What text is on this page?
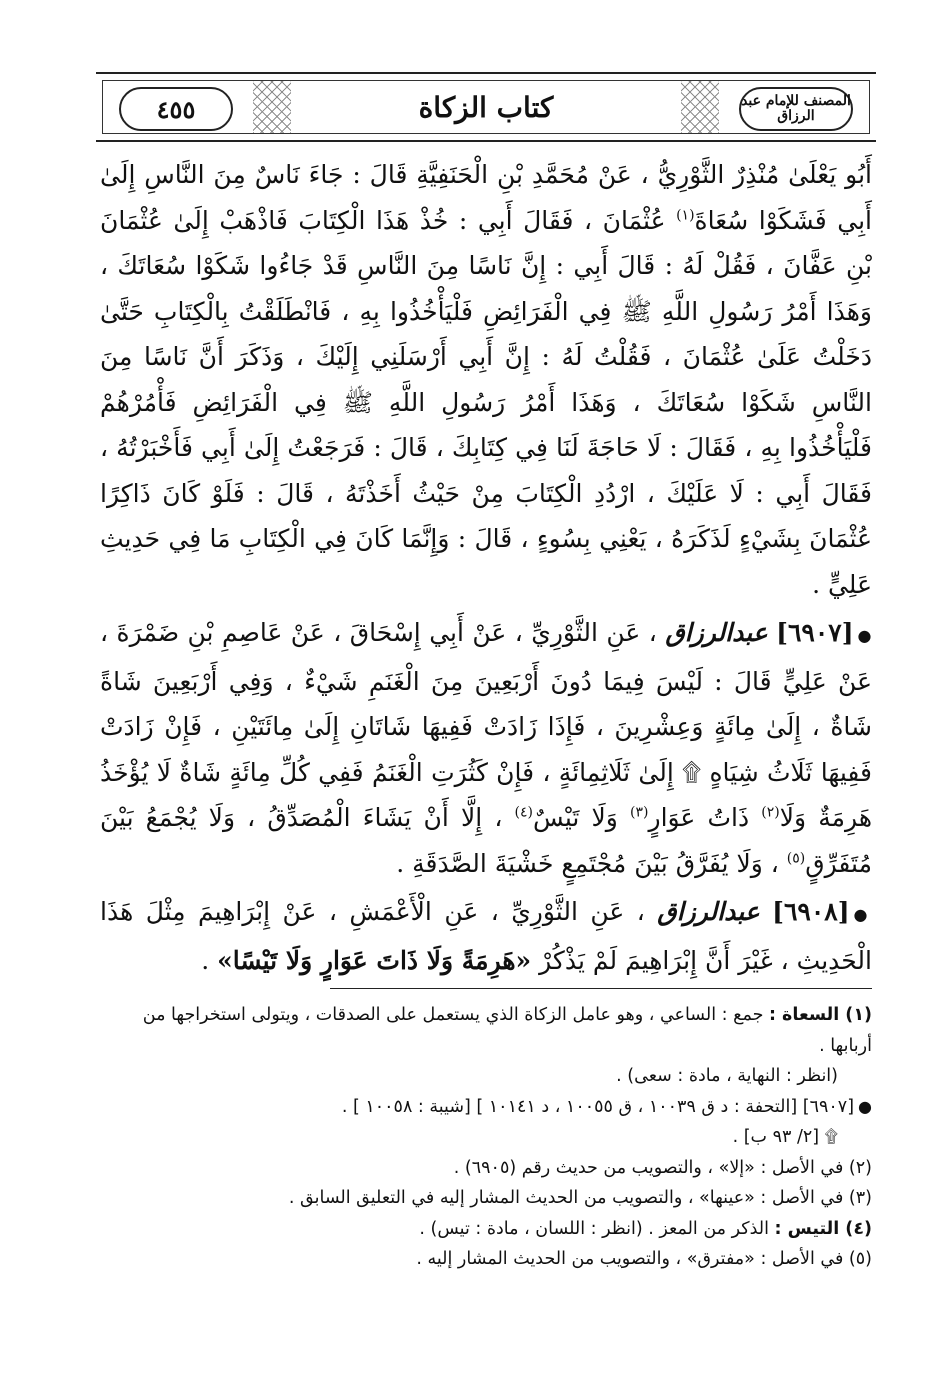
٤٥٥	كتاب الزكاة	المصنف للإمام عبد الرزاق

أَبُو يَعْلَىٰ مُنْذِرٌ الثَّوْرِيُّ ، عَنْ مُحَمَّدِ بْنِ الْحَنَفِيَّةِ قَالَ : جَاءَ نَاسٌ مِنَ النَّاسِ إِلَىٰ أَبِي فَشَكَوْا سُعَاةَ$^{(١)}$ عُثْمَانَ ، فَقَالَ أَبِي : خُذْ هَذَا الْكِتَابَ فَاذْهَبْ إِلَىٰ عُثْمَانَ بْنِ عَفَّانَ ، فَقُلْ لَهُ : قَالَ أَبِي : إِنَّ نَاسًا مِنَ النَّاسِ قَدْ جَاءُوا شَكَوْا سُعَاتَكَ ، وَهَذَا أَمْرُ رَسُولِ اللَّهِ ﷺ فِي الْفَرَائِضِ فَلْيَأْخُذُوا بِهِ ، فَانْطَلَقْتُ بِالْكِتَابِ حَتَّىٰ دَخَلْتُ عَلَىٰ عُثْمَانَ ، فَقُلْتُ لَهُ : إِنَّ أَبِي أَرْسَلَنِي إِلَيْكَ ، وَذَكَرَ أَنَّ نَاسًا مِنَ النَّاسِ شَكَوْا سُعَاتَكَ ، وَهَذَا أَمْرُ رَسُولِ اللَّهِ ﷺ فِي الْفَرَائِضِ فَأْمُرْهُمْ فَلْيَأْخُذُوا بِهِ ، فَقَالَ : لَا حَاجَةَ لَنَا فِي كِتَابِكَ ، قَالَ : فَرَجَعْتُ إِلَىٰ أَبِي فَأَخْبَرْتُهُ ، فَقَالَ أَبِي : لَا عَلَيْكَ ، ارْدُدِ الْكِتَابَ مِنْ حَيْثُ أَخَذْتَهُ ، قَالَ : فَلَوْ كَانَ ذَاكِرًا عُثْمَانَ بِشَيْءٍ لَذَكَرَهُ ، يَعْنِي بِسُوءٍ ، قَالَ : وَإِنَّمَا كَانَ فِي الْكِتَابِ مَا فِي حَدِيثِ عَلِيٍّ .

●[٦٩٠٧] عبدالرزاق ، عَنِ الثَّوْرِيِّ ، عَنْ أَبِي إِسْحَاقَ ، عَنْ عَاصِمِ بْنِ ضَمْرَةَ ، عَنْ عَلِيٍّ قَالَ : لَيْسَ فِيمَا دُونَ أَرْبَعِينَ مِنَ الْغَنَمِ شَيْءٌ ، وَفِي أَرْبَعِينَ شَاةً شَاةٌ ، إِلَىٰ مِائَةٍ وَعِشْرِينَ ، فَإِذَا زَادَتْ فَفِيهَا شَاتَانِ إِلَىٰ مِائَتَيْنِ ، فَإِنْ زَادَتْ فَفِيهَا ثَلَاثُ شِيَاهٍ ۩ إِلَىٰ ثَلَاثِمِائَةٍ ، فَإِنْ كَثُرَتِ الْغَنَمُ فَفِي كُلِّ مِائَةٍ شَاةٌ لَا يُؤْخَذُ هَرِمَةٌ وَلَا$^{(٢)}$ ذَاتُ عَوَارٍ$^{(٣)}$ وَلَا تَيْسٌ$^{(٤)}$ ، إِلَّا أَنْ يَشَاءَ الْمُصَدِّقُ ، وَلَا يُجْمَعُ بَيْنَ مُتَفَرِّقٍ$^{(٥)}$ ، وَلَا يُفَرَّقُ بَيْنَ مُجْتَمِعٍ خَشْيَةَ الصَّدَقَةِ .

●[٦٩٠٨] عبدالرزاق ، عَنِ الثَّوْرِيِّ ، عَنِ الْأَعْمَشِ ، عَنْ إِبْرَاهِيمَ مِثْلَ هَذَا الْحَدِيثِ ، غَيْرَ أَنَّ إِبْرَاهِيمَ لَمْ يَذْكُرْ «هَرِمَةً وَلَا ذَاتَ عَوَارٍ وَلَا تَيْسًا» .

(١) السعاة : جمع : الساعي ، وهو عامل الزكاة الذي يستعمل على الصدقات ، ويتولى استخراجها من أربابها .

(انظر : النهاية ، مادة : سعى) .

●[٦٩٠٧] [التحفة : د ق ١٠٠٣٩ ، ق ١٠٠٥٥ ، د ١٠١٤١ ] [شيبة : ١٠٠٥٨ ] .

۩ [٢/ ٩٣ ب] .

(٢) في الأصل : «إلا» ، والتصويب من حديث رقم (٦٩٠٥) .

(٣) في الأصل : «عينها» ، والتصويب من الحديث المشار إليه في التعليق السابق .

(٤) التيس : الذكر من المعز . (انظر : اللسان ، مادة : تيس) .

(٥) في الأصل : «مفترق» ، والتصويب من الحديث المشار إليه .
